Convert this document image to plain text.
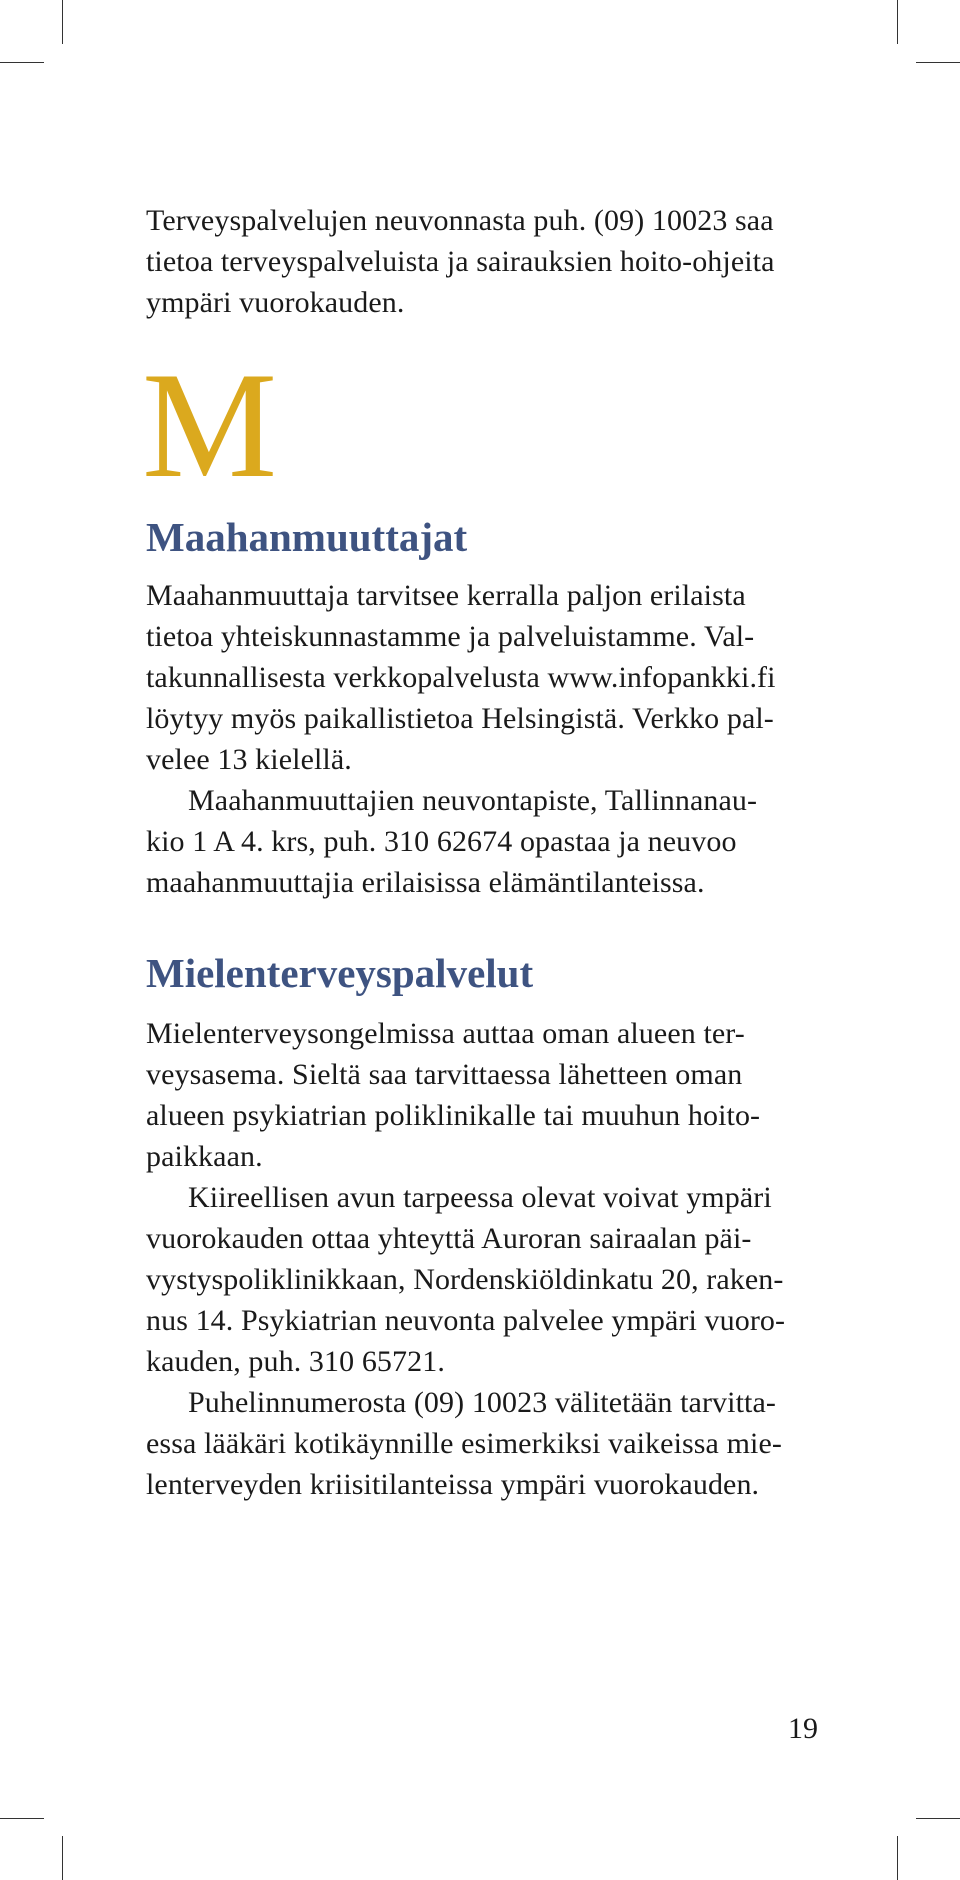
Terveyspalvelujen neuvonnasta puh. (09) 10023 saa
tietoa terveyspalveluista ja sairauksien hoito-ohjeita
ympäri vuorokauden.
M
Maahanmuuttajat
Maahanmuuttaja tarvitsee kerralla paljon erilaista
tietoa yhteiskunnastamme ja palveluistamme. Val-
takunnallisesta verkkopalvelusta www.infopankki.fi
löytyy myös paikallistietoa Helsingistä. Verkko pal-
velee 13 kielellä.
Maahanmuuttajien neuvontapiste, Tallinnanau-
kio 1 A 4. krs, puh. 310 62674 opastaa ja neuvoo
maahanmuuttajia erilaisissa elämäntilanteissa.
Mielenterveyspalvelut
Mielenterveysongelmissa auttaa oman alueen ter-
veysasema. Sieltä saa tarvittaessa lähetteen oman
alueen psykiatrian poliklinikalle tai muuhun hoito-
paikkaan.
Kiireellisen avun tarpeessa olevat voivat ympäri
vuorokauden ottaa yhteyttä Auroran sairaalan päi-
vystyspoliklinikkaan, Nordenskiöldinkatu 20, raken-
nus 14. Psykiatrian neuvonta palvelee ympäri vuoro-
kauden, puh. 310 65721.
Puhelinnumerosta (09) 10023 välitetään tarvitta-
essa lääkäri kotikäynnille esimerkiksi vaikeissa mie-
lenterveyden kriisitilanteissa ympäri vuorokauden.
19
